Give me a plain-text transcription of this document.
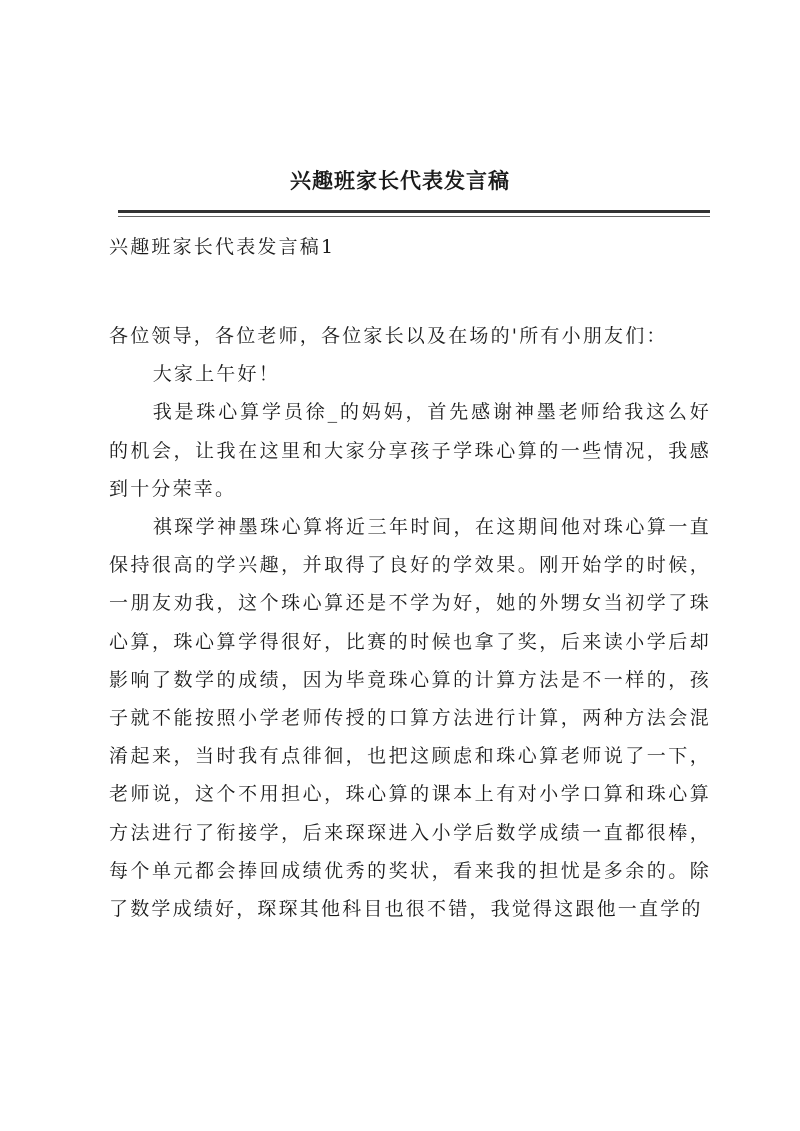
兴趣班家长代表发言稿
兴趣班家长代表发言稿1

各位领导，各位老师，各位家长以及在场的'所有小朋友们：

大家上午好！

我是珠心算学员徐_的妈妈，首先感谢神墨老师给我这么好的机会，让我在这里和大家分享孩子学珠心算的一些情况，我感到十分荣幸。

祺琛学神墨珠心算将近三年时间，在这期间他对珠心算一直保持很高的学兴趣，并取得了良好的学效果。刚开始学的时候，一朋友劝我，这个珠心算还是不学为好，她的外甥女当初学了珠心算，珠心算学得很好，比赛的时候也拿了奖，后来读小学后却影响了数学的成绩，因为毕竟珠心算的计算方法是不一样的，孩子就不能按照小学老师传授的口算方法进行计算，两种方法会混淆起来，当时我有点徘徊，也把这顾虑和珠心算老师说了一下，老师说，这个不用担心，珠心算的课本上有对小学口算和珠心算方法进行了衔接学，后来琛琛进入小学后数学成绩一直都很棒，每个单元都会捧回成绩优秀的奖状，看来我的担忧是多余的。除了数学成绩好，琛琛其他科目也很不错，我觉得这跟他一直学的
